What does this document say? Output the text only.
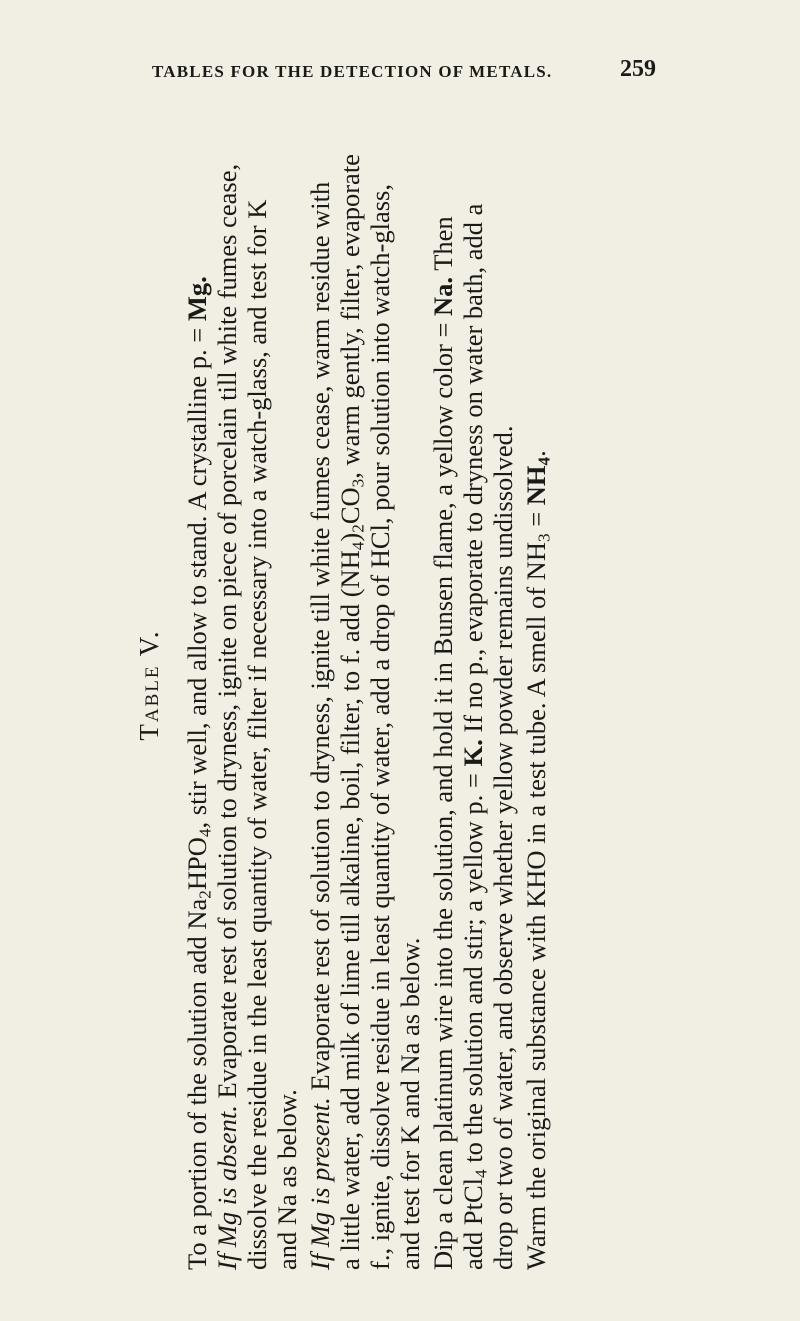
TABLES FOR THE DETECTION OF METALS.	259
Table V.
To a portion of the solution add $Na_2HPO_4$, stir well, and allow to stand. A crystalline p. = Mg.
If Mg is absent. Evaporate rest of solution to dryness, ignite on piece of porcelain till white fumes cease, dissolve the residue in the least quantity of water, filter if necessary into a watch-glass, and test for K and Na as below. If Mg is present. Evaporate rest of solution to dryness, ignite till white fumes cease, warm residue with a little water, add milk of lime till alkaline, boil, filter, to f. add $(NH_4)_2CO_3$, warm gently, filter, evaporate f., ignite, dissolve residue in least quantity of water, add a drop of HCl, pour solution into watch-glass, and test for K and Na as below. Dip a clean platinum wire into the solution, and hold it in Bunsen flame, a yellow color = Na. Then
add PtCl$_4$ to the solution and stir; a yellow p. = K. If no p., evaporate to dryness on water bath, add a drop or two of water, and observe whether yellow powder remains undissolved. Warm the original substance with KHO in a test tube. A smell of $NH_3 = NH_4$.
